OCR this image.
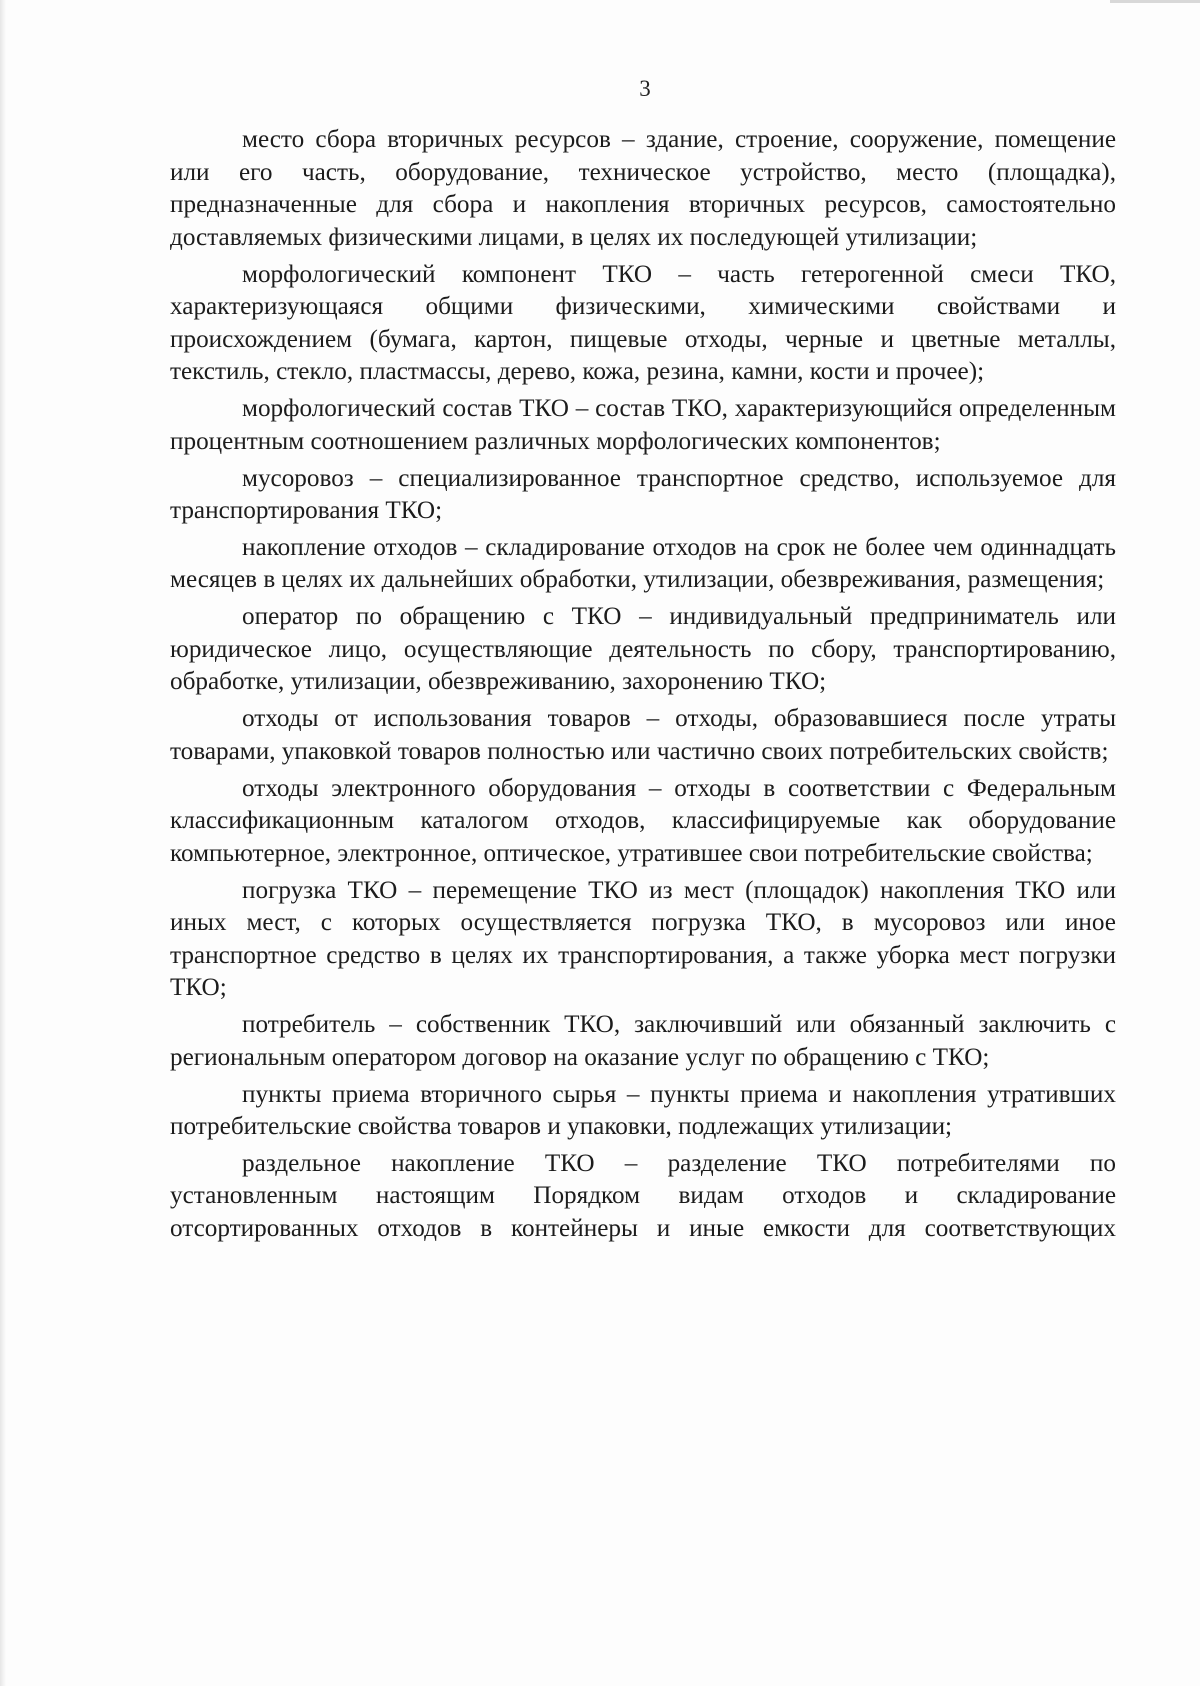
3

место сбора вторичных ресурсов – здание, строение, сооружение, помещение или его часть, оборудование, техническое устройство, место (площадка), предназначенные для сбора и накопления вторичных ресурсов, самостоятельно доставляемых физическими лицами, в целях их последующей утилизации;

морфологический компонент ТКО – часть гетерогенной смеси ТКО, характеризующаяся общими физическими, химическими свойствами и происхождением (бумага, картон, пищевые отходы, черные и цветные металлы, текстиль, стекло, пластмассы, дерево, кожа, резина, камни, кости и прочее);

морфологический состав ТКО – состав ТКО, характеризующийся определенным процентным соотношением различных морфологических компонентов;

мусоровоз – специализированное транспортное средство, используемое для транспортирования ТКО;

накопление отходов – складирование отходов на срок не более чем одиннадцать месяцев в целях их дальнейших обработки, утилизации, обезвреживания, размещения;

оператор по обращению с ТКО – индивидуальный предприниматель или юридическое лицо, осуществляющие деятельность по сбору, транспортированию, обработке, утилизации, обезвреживанию, захоронению ТКО;

отходы от использования товаров – отходы, образовавшиеся после утраты товарами, упаковкой товаров полностью или частично своих потребительских свойств;

отходы электронного оборудования – отходы в соответствии с Федеральным классификационным каталогом отходов, классифицируемые как оборудование компьютерное, электронное, оптическое, утратившее свои потребительские свойства;

погрузка ТКО – перемещение ТКО из мест (площадок) накопления ТКО или иных мест, с которых осуществляется погрузка ТКО, в мусоровоз или иное транспортное средство в целях их транспортирования, а также уборка мест погрузки ТКО;

потребитель – собственник ТКО, заключивший или обязанный заключить с региональным оператором договор на оказание услуг по обращению с ТКО;

пункты приема вторичного сырья – пункты приема и накопления утративших потребительские свойства товаров и упаковки, подлежащих утилизации;

раздельное накопление ТКО – разделение ТКО потребителями по установленным настоящим Порядком видам отходов и складирование отсортированных отходов в контейнеры и иные емкости для соответствующих
